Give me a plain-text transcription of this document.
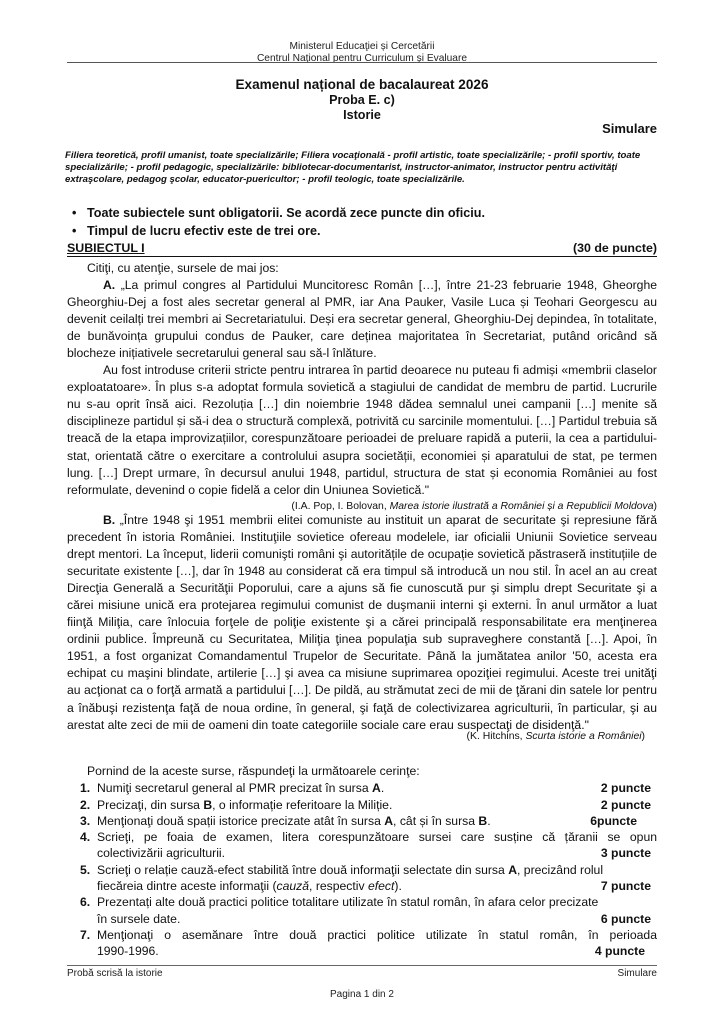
Ministerul Educaţiei și Cercetării
Centrul Naţional pentru Curriculum şi Evaluare
Examenul național de bacalaureat 2026
Proba E. c)
Istorie
Simulare
Filiera teoretică, profil umanist, toate specializările; Filiera vocaţională - profil artistic, toate specializările; - profil sportiv, toate specializările; - profil pedagogic, specializările: bibliotecar-documentarist, instructor-animator, instructor pentru activităţi extraşcolare, pedagog şcolar, educator-puericultor; - profil teologic, toate specializările.
• Toate subiectele sunt obligatorii. Se acordă zece puncte din oficiu.
• Timpul de lucru efectiv este de trei ore.
SUBIECTUL I	(30 de puncte)

Citiţi, cu atenţie, sursele de mai jos:

A. „La primul congres al Partidului Muncitoresc Român […], între 21-23 februarie 1948, Gheorghe Gheorghiu-Dej a fost ales secretar general al PMR, iar Ana Pauker, Vasile Luca și Teohari Georgescu au devenit ceilalți trei membri ai Secretariatului. Deși era secretar general, Gheorghiu-Dej depindea, în totalitate, de bunăvoința grupului condus de Pauker, care deținea majoritatea în Secretariat, putând oricând să blocheze inițiativele secretarului general sau să-l înlăture.

Au fost introduse criterii stricte pentru intrarea în partid deoarece nu puteau fi admiși «membrii claselor exploatatoare». În plus s-a adoptat formula sovietică a stagiului de candidat de membru de partid. Lucrurile nu s-au oprit însă aici. Rezoluția […] din noiembrie 1948 dădea semnalul unei campanii […] menite să disciplineze partidul și să-i dea o structură complexă, potrivită cu sarcinile momentului. […] Partidul trebuia să treacă de la etapa improvizațiilor, corespunzătoare perioadei de preluare rapidă a puterii, la cea a partidului-stat, orientată către o exercitare a controlului asupra societății, economiei și aparatului de stat, pe termen lung. […] Drept urmare, în decursul anului 1948, partidul, structura de stat și economia României au fost reformulate, devenind o copie fidelă a celor din Uniunea Sovietică."

(I.A. Pop, I. Bolovan, Marea istorie ilustrată a României și a Republicii Moldova)

B. „Între 1948 şi 1951 membrii elitei comuniste au instituit un aparat de securitate şi represiune fără precedent în istoria României. Instituţiile sovietice ofereau modelele, iar oficialii Uniunii Sovietice serveau drept mentori. La început, liderii comunişti români şi autoritățile de ocupație sovietică păstraseră instituțiile de securitate existente […], dar în 1948 au considerat că era timpul să introducă un nou stil. În acel an au creat Direcţia Generală a Securităţii Poporului, care a ajuns să fie cunoscută pur şi simplu drept Securitate şi a cărei misiune unică era protejarea regimului comunist de duşmanii interni şi externi. În anul următor a luat fiinţă Miliţia, care înlocuia forţele de poliţie existente şi a cărei principală responsabilitate era menţinerea ordinii publice. Împreună cu Securitatea, Miliţia ţinea populaţia sub supraveghere constantă […]. Apoi, în 1951, a fost organizat Comandamentul Trupelor de Securitate. Până la jumătatea anilor '50, acesta era echipat cu maşini blindate, artilerie […] şi avea ca misiune suprimarea opoziţiei regimului. Aceste trei unităţi au acţionat ca o forţă armată a partidului […]. De pildă, au strămutat zeci de mii de ţărani din satele lor pentru a înăbuşi rezistenţa faţă de noua ordine, în general, şi faţă de colectivizarea agriculturii, în particular, şi au arestat alte zeci de mii de oameni din toate categoriile sociale care erau suspectaţi de disidenţă."

(K. Hitchins, Scurta istorie a României)
Pornind de la aceste surse, răspundeţi la următoarele cerinţe:
1. Numiţi secretarul general al PMR precizat în sursa A.	2 puncte
2. Precizaţi, din sursa B, o informație referitoare la Miliție.	2 puncte
3. Menţionaţi două spații istorice precizate atât în sursa A, cât și în sursa B.	6puncte
4. Scrieţi, pe foaia de examen, litera corespunzătoare sursei care susține că țăranii se opun
colectivizării agriculturii.	3 puncte
5. Scrieţi o relație cauză-efect stabilită între două informaţii selectate din sursa A, precizând rolul
fiecăreia dintre aceste informaţii (cauză, respectiv efect).	7 puncte
6. Prezentați alte două practici politice totalitare utilizate în statul român, în afara celor precizate
în sursele date.	6 puncte
7. Menţionaţi o asemănare între două practici politice utilizate în statul român, în perioada
1990-1996.	4 puncte
Probă scrisă la istorie	Simulare
Pagina 1 din 2
